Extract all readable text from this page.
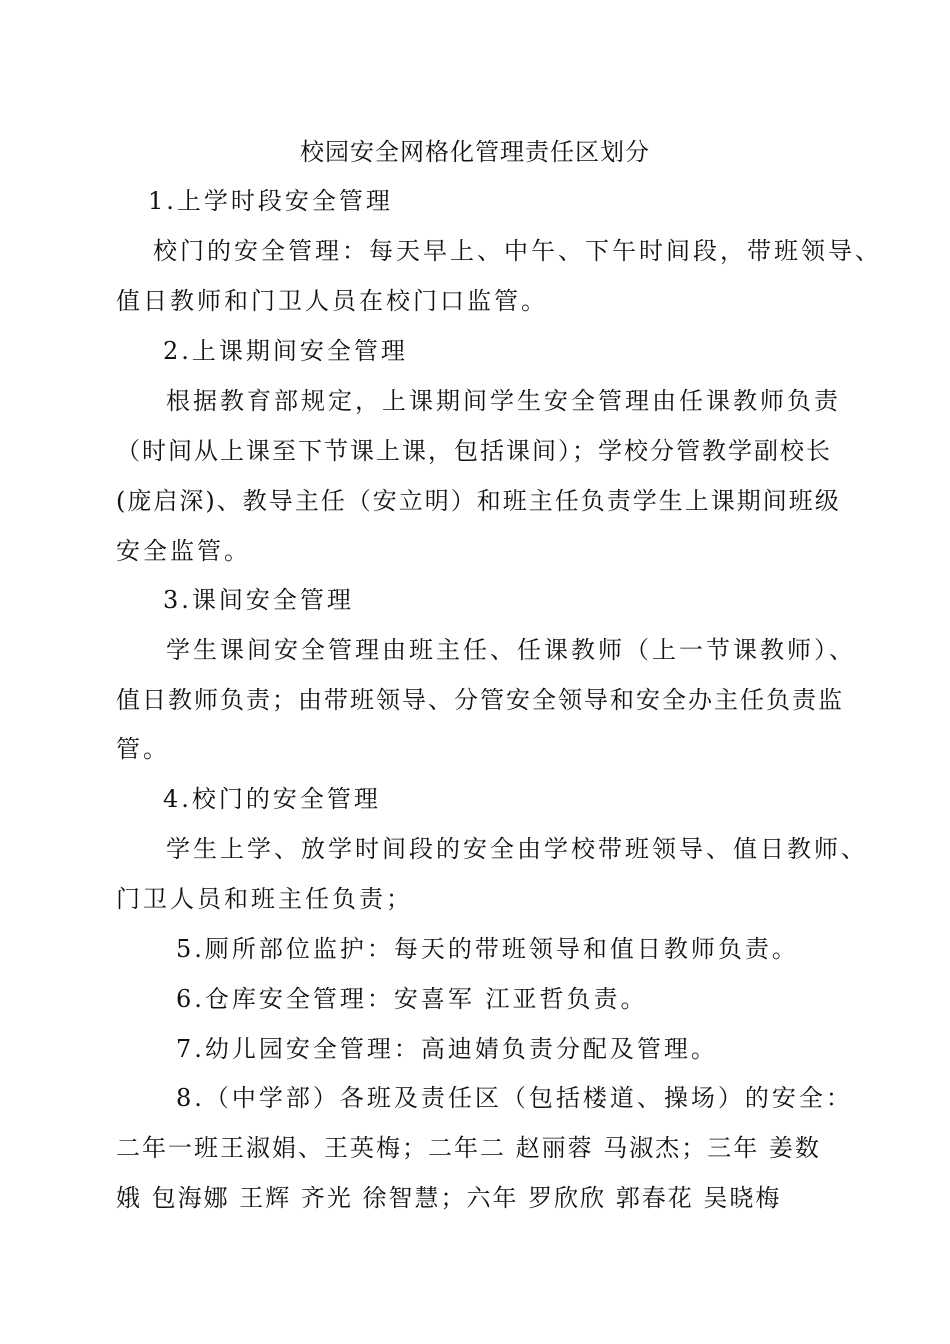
校园安全网格化管理责任区划分
1.上学时段安全管理
校门的安全管理：每天早上、中午、下午时间段，带班领导、
值日教师和门卫人员在校门口监管。
2.上课期间安全管理
根据教育部规定，上课期间学生安全管理由任课教师负责
（时间从上课至下节课上课，包括课间）；学校分管教学副校长
(庞启深)、教导主任（安立明）和班主任负责学生上课期间班级
安全监管。
3.课间安全管理
学生课间安全管理由班主任、任课教师（上一节课教师）、
值日教师负责；由带班领导、分管安全领导和安全办主任负责监
管。
4.校门的安全管理
学生上学、放学时间段的安全由学校带班领导、值日教师、
门卫人员和班主任负责；
5.厕所部位监护：每天的带班领导和值日教师负责。
6.仓库安全管理：安喜军 江亚哲负责。
7.幼儿园安全管理：高迪婧负责分配及管理。
8.（中学部）各班及责任区（包括楼道、操场）的安全：
二年一班王淑娟、王英梅；二年二 赵丽蓉 马淑杰；三年 姜数
娥 包海娜 王辉 齐光 徐智慧；六年 罗欣欣 郭春花 吴晓梅
